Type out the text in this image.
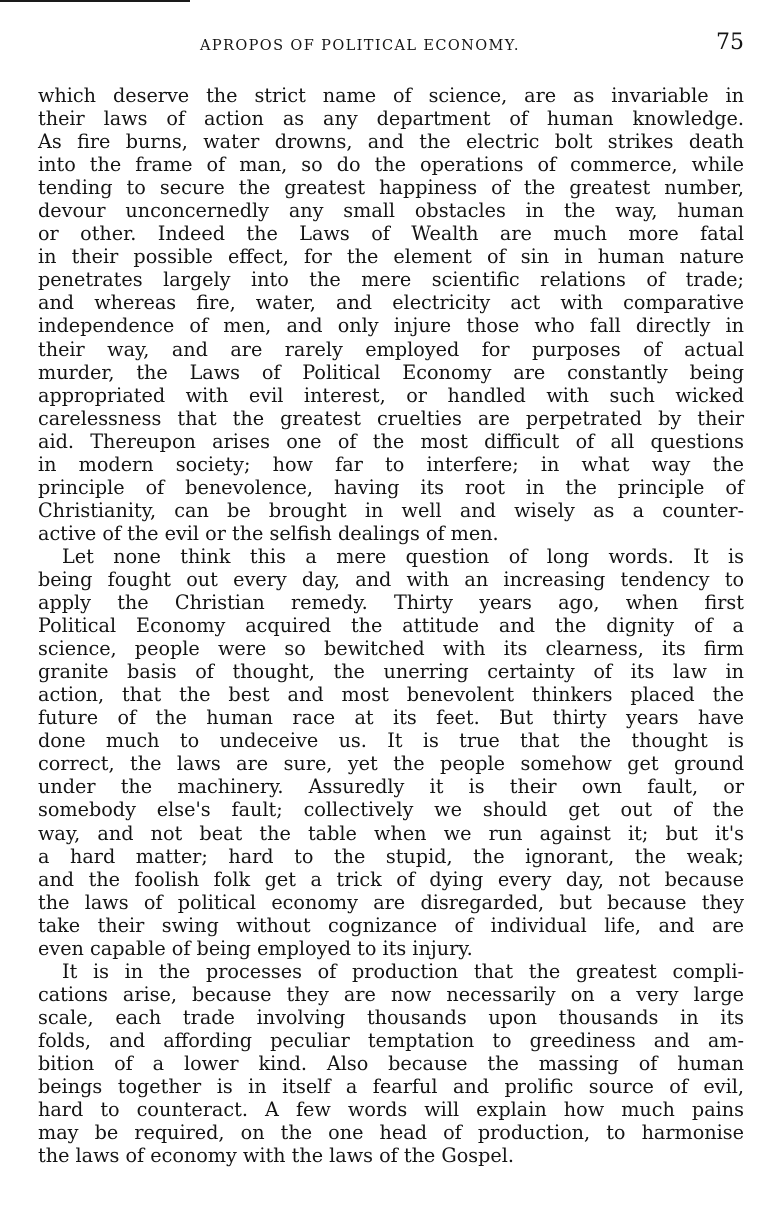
APROPOS OF POLITICAL ECONOMY.	75
which deserve the strict name of science, are as invariable in
their laws of action as any department of human knowledge.
As fire burns, water drowns, and the electric bolt strikes death
into the frame of man, so do the operations of commerce, while
tending to secure the greatest happiness of the greatest number,
devour unconcernedly any small obstacles in the way, human
or other. Indeed the Laws of Wealth are much more fatal
in their possible effect, for the element of sin in human nature
penetrates largely into the mere scientific relations of trade;
and whereas fire, water, and electricity act with comparative
independence of men, and only injure those who fall directly in
their way, and are rarely employed for purposes of actual
murder, the Laws of Political Economy are constantly being
appropriated with evil interest, or handled with such wicked
carelessness that the greatest cruelties are perpetrated by their
aid. Thereupon arises one of the most difficult of all questions
in modern society; how far to interfere; in what way the
principle of benevolence, having its root in the principle of
Christianity, can be brought in well and wisely as a counter-
active of the evil or the selfish dealings of men.
Let none think this a mere question of long words. It is
being fought out every day, and with an increasing tendency to
apply the Christian remedy. Thirty years ago, when first
Political Economy acquired the attitude and the dignity of a
science, people were so bewitched with its clearness, its firm
granite basis of thought, the unerring certainty of its law in
action, that the best and most benevolent thinkers placed the
future of the human race at its feet. But thirty years have
done much to undeceive us. It is true that the thought is
correct, the laws are sure, yet the people somehow get ground
under the machinery. Assuredly it is their own fault, or
somebody else's fault; collectively we should get out of the
way, and not beat the table when we run against it; but it's
a hard matter; hard to the stupid, the ignorant, the weak;
and the foolish folk get a trick of dying every day, not because
the laws of political economy are disregarded, but because they
take their swing without cognizance of individual life, and are
even capable of being employed to its injury.
It is in the processes of production that the greatest compli-
cations arise, because they are now necessarily on a very large
scale, each trade involving thousands upon thousands in its
folds, and affording peculiar temptation to greediness and am-
bition of a lower kind. Also because the massing of human
beings together is in itself a fearful and prolific source of evil,
hard to counteract. A few words will explain how much pains
may be required, on the one head of production, to harmonise
the laws of economy with the laws of the Gospel.
